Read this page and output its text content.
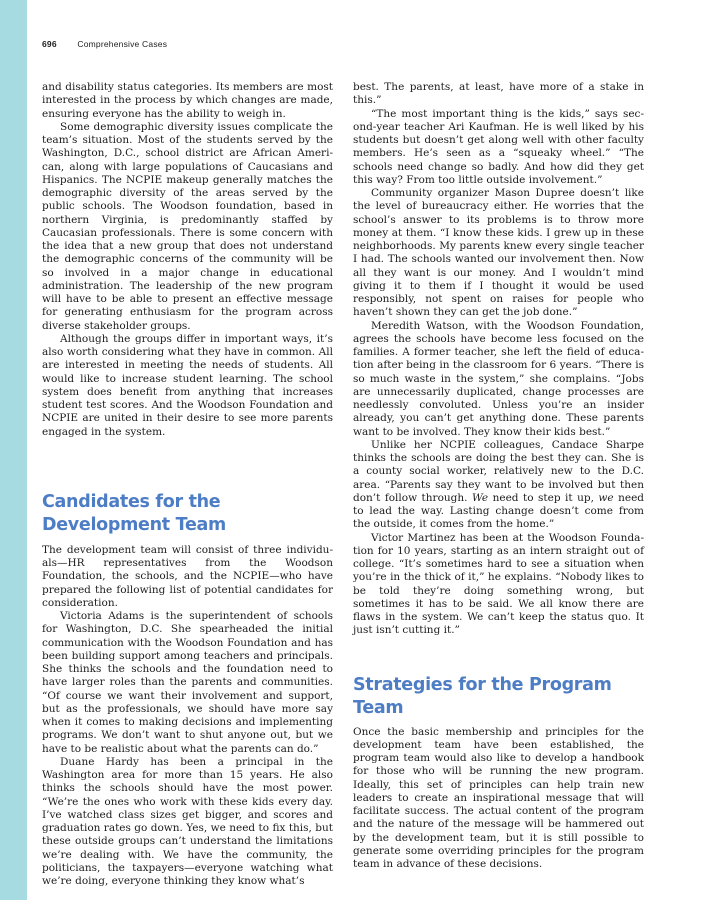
696 Comprehensive Cases

and disability status categories. Its members are most interested in the process by which changes are made, ensuring everyone has the ability to weigh in.

Some demographic diversity issues complicate the team’s situation. Most of the students served by the Washington, D.C., school district are African American, along with large populations of Caucasians and Hispanics. The NCPIE makeup generally matches the demographic diversity of the areas served by the public schools. The Woodson foundation, based in northern Virginia, is predominantly staffed by Caucasian professionals. There is some concern with the idea that a new group that does not understand the demographic concerns of the community will be so involved in a major change in educational administration. The leadership of the new program will have to be able to present an effective message for generating enthusiasm for the program across diverse stakeholder groups.

Although the groups differ in important ways, it’s also worth considering what they have in common. All are interested in meeting the needs of students. All would like to increase student learning. The school system does benefit from anything that increases student test scores. And the Woodson Foundation and NCPIE are united in their desire to see more parents engaged in the system.

Candidates for the Development Team

The development team will consist of three individuals—HR representatives from the Woodson Foundation, the schools, and the NCPIE—who have prepared the following list of potential candidates for consideration.

Victoria Adams is the superintendent of schools for Washington, D.C. She spearheaded the initial communication with the Woodson Foundation and has been building support among teachers and principals. She thinks the schools and the foundation need to have larger roles than the parents and communities. “Of course we want their involvement and support, but as the professionals, we should have more say when it comes to making decisions and implementing programs. We don’t want to shut anyone out, but we have to be realistic about what the parents can do.”

Duane Hardy has been a principal in the Washington area for more than 15 years. He also thinks the schools should have the most power. “We’re the ones who work with these kids every day. I’ve watched class sizes get bigger, and scores and graduation rates go down. Yes, we need to fix this, but these outside groups can’t understand the limitations we’re dealing with. We have the community, the politicians, the taxpayers—everyone watching what we’re doing, everyone thinking they know what’s

best. The parents, at least, have more of a stake in this.”

“The most important thing is the kids,” says second-year teacher Ari Kaufman. He is well liked by his students but doesn’t get along well with other faculty members. He’s seen as a “squeaky wheel.” “The schools need change so badly. And how did they get this way? From too little outside involvement.”

Community organizer Mason Dupree doesn’t like the level of bureaucracy either. He worries that the school’s answer to its problems is to throw more money at them. “I know these kids. I grew up in these neighborhoods. My parents knew every single teacher I had. The schools wanted our involvement then. Now all they want is our money. And I wouldn’t mind giving it to them if I thought it would be used responsibly, not spent on raises for people who haven’t shown they can get the job done.”

Meredith Watson, with the Woodson Foundation, agrees the schools have become less focused on the families. A former teacher, she left the field of education after being in the classroom for 6 years. “There is so much waste in the system,” she complains. “Jobs are unnecessarily duplicated, change processes are needlessly convoluted. Unless you’re an insider already, you can’t get anything done. These parents want to be involved. They know their kids best.”

Unlike her NCPIE colleagues, Candace Sharpe thinks the schools are doing the best they can. She is a county social worker, relatively new to the D.C. area. “Parents say they want to be involved but then don’t follow through. We need to step it up, we need to lead the way. Lasting change doesn’t come from the outside, it comes from the home.”

Victor Martinez has been at the Woodson Foundation for 10 years, starting as an intern straight out of college. “It’s sometimes hard to see a situation when you’re in the thick of it,” he explains. “Nobody likes to be told they’re doing something wrong, but sometimes it has to be said. We all know there are flaws in the system. We can’t keep the status quo. It just isn’t cutting it.”

Strategies for the Program Team

Once the basic membership and principles for the development team have been established, the program team would also like to develop a handbook for those who will be running the new program. Ideally, this set of principles can help train new leaders to create an inspirational message that will facilitate success. The actual content of the program and the nature of the message will be hammered out by the development team, but it is still possible to generate some overriding principles for the program team in advance of these decisions.
